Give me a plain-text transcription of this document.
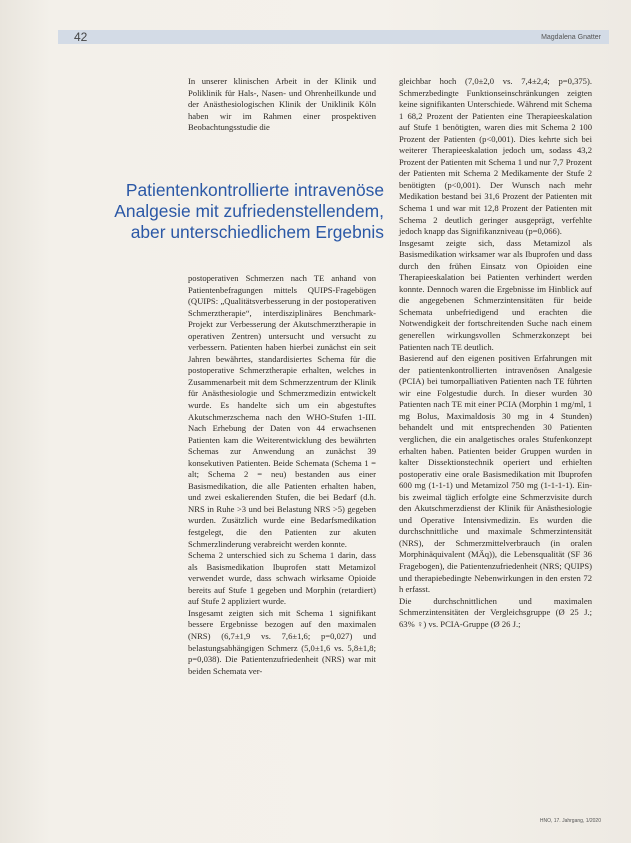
42	Magdalena Gnatter

In unserer klinischen Arbeit in der Klinik und Poliklinik für Hals-, Nasen- und Ohrenheilkunde und der Anästhesiologischen Klinik der Uniklinik Köln haben wir im Rahmen einer prospektiven Beobachtungsstudie die

Patientenkontrollierte intravenöse Analgesie mit zufriedenstellendem, aber unterschiedlichem Ergebnis

postoperativen Schmerzen nach TE anhand von Patientenbefragungen mittels QUIPS-Fragebögen (QUIPS: „Qualitätsverbesserung in der postoperativen Schmerztherapie“, interdisziplinäres Benchmark-Projekt zur Verbesserung der Akutschmerztherapie in operativen Zentren) untersucht und versucht zu verbessern. Patienten haben hierbei zunächst ein seit Jahren bewährtes, standardisiertes Schema für die postoperative Schmerztherapie erhalten, welches in Zusammenarbeit mit dem Schmerzzentrum der Klinik für Anästhesiologie und Schmerzmedizin entwickelt wurde. Es handelte sich um ein abgestuftes Akutschmerzschema nach den WHO-Stufen 1-III. Nach Erhebung der Daten von 44 erwachsenen Patienten kam die Weiterentwicklung des bewährten Schemas zur Anwendung an zunächst 39 konsekutiven Patienten. Beide Schemata (Schema 1 = alt; Schema 2 = neu) bestanden aus einer Basismedikation, die alle Patienten erhalten haben, und zwei eskalierenden Stufen, die bei Bedarf (d.h. NRS in Ruhe >3 und bei Belastung NRS >5) gegeben wurden. Zusätzlich wurde eine Bedarfsmedikation festgelegt, die den Patienten zur akuten Schmerzlinderung verabreicht werden konnte.

Schema 2 unterschied sich zu Schema 1 darin, dass als Basismedikation Ibuprofen statt Metamizol verwendet wurde, dass schwach wirksame Opioide bereits auf Stufe 1 gegeben und Morphin (retardiert) auf Stufe 2 appliziert wurde.

Insgesamt zeigten sich mit Schema 1 signifikant bessere Ergebnisse bezogen auf den maximalen (NRS) (6,7±1,9 vs. 7,6±1,6; p=0,027) und belastungsabhängigen Schmerz (5,0±1,6 vs. 5,8±1,8; p=0,038). Die Patientenzufriedenheit (NRS) war mit beiden Schemata ver-

gleichbar hoch (7,0±2,0 vs. 7,4±2,4; p=0,375). Schmerzbedingte Funktionseinschränkungen zeigten keine signifikanten Unterschiede. Während mit Schema 1 68,2 Prozent der Patienten eine Therapieeskalation auf Stufe 1 benötigten, waren dies mit Schema 2 100 Prozent der Patienten (p<0,001). Dies kehrte sich bei weiterer Therapieeskalation jedoch um, sodass 43,2 Prozent der Patienten mit Schema 1 und nur 7,7 Prozent der Patienten mit Schema 2 Medikamente der Stufe 2 benötigten (p<0,001). Der Wunsch nach mehr Medikation bestand bei 31,6 Prozent der Patienten mit Schema 1 und war mit 12,8 Prozent der Patienten mit Schema 2 deutlich geringer ausgeprägt, verfehlte jedoch knapp das Signifikanzniveau (p=0,066).

Insgesamt zeigte sich, dass Metamizol als Basismedikation wirksamer war als Ibuprofen und dass durch den frühen Einsatz von Opioiden eine Therapieeskalation bei Patienten verhindert werden konnte. Dennoch waren die Ergebnisse im Hinblick auf die angegebenen Schmerzintensitäten für beide Schemata unbefriedigend und erachten die Notwendigkeit der fortschreitenden Suche nach einem generellen wirkungsvollen Schmerzkonzept bei Patienten nach TE deutlich.

Basierend auf den eigenen positiven Erfahrungen mit der patientenkontrollierten intravenösen Analgesie (PCIA) bei tumorpalliativen Patienten nach TE führten wir eine Folgestudie durch. In dieser wurden 30 Patienten nach TE mit einer PCIA (Morphin 1 mg/ml, 1 mg Bolus, Maximaldosis 30 mg in 4 Stunden) behandelt und mit entsprechenden 30 Patienten verglichen, die ein analgetisches orales Stufenkonzept erhalten haben. Patienten beider Gruppen wurden in kalter Dissektionstechnik operiert und erhielten postoperativ eine orale Basismedikation mit Ibuprofen 600 mg (1-1-1) und Metamizol 750 mg (1-1-1-1). Ein- bis zweimal täglich erfolgte eine Schmerzvisite durch den Akutschmerzdienst der Klinik für Anästhesiologie und Operative Intensivmedizin. Es wurden die durchschnittliche und maximale Schmerzintensität (NRS), der Schmerzmittelverbrauch (in oralen Morphinäquivalent (MÄq)), die Lebensqualität (SF 36 Fragebogen), die Patientenzufriedenheit (NRS; QUIPS) und therapiebedingte Nebenwirkungen in den ersten 72 h erfasst.

Die durchschnittlichen und maximalen Schmerzintensitäten der Vergleichsgruppe (Ø 25 J.; 63% ♀) vs. PCIA-Gruppe (Ø 26 J.;

HNO, 17. Jahrgang, 1/2020
